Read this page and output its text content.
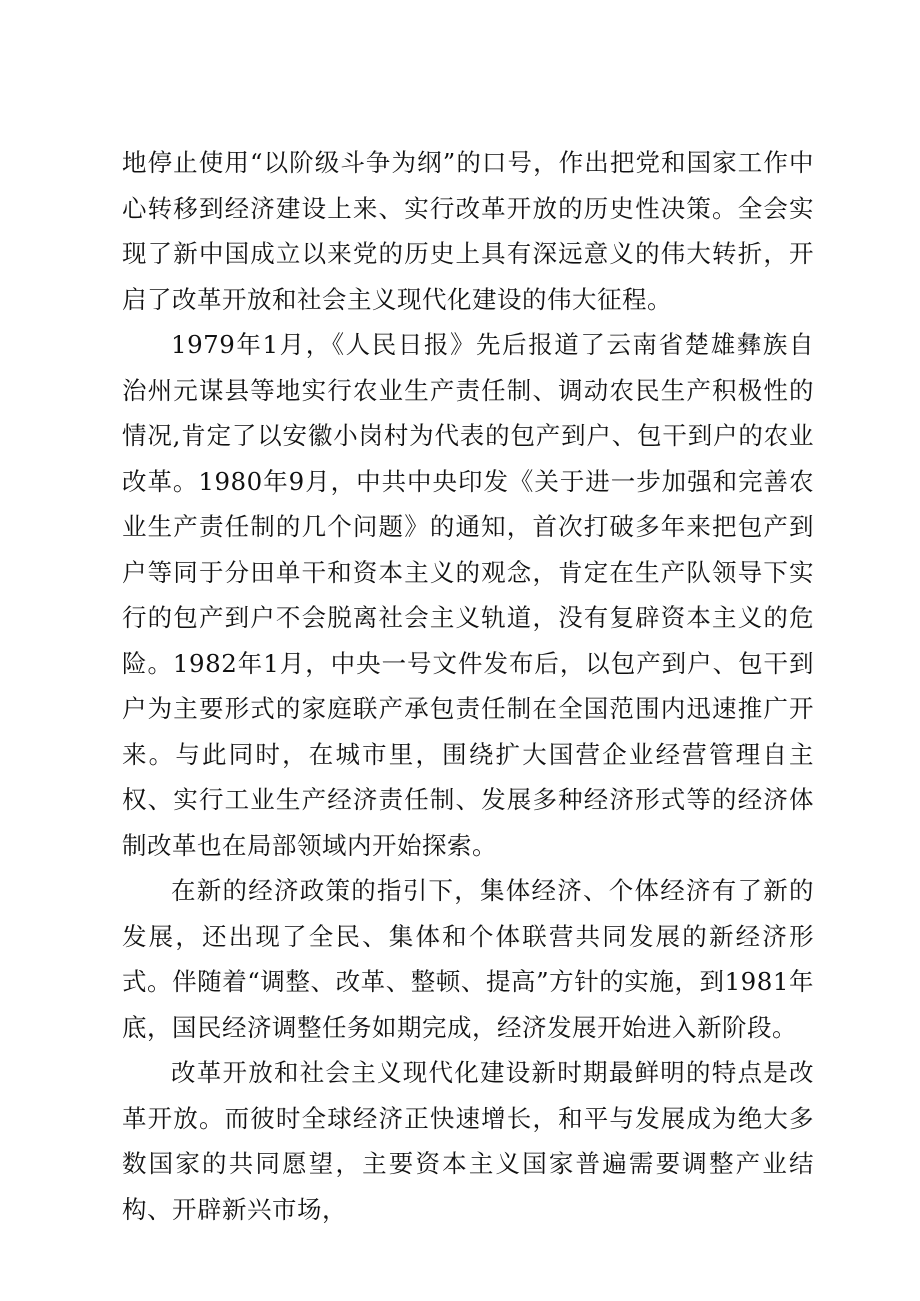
地停止使用“以阶级斗争为纲”的口号，作出把党和国家工作中心转移到经济建设上来、实行改革开放的历史性决策。全会实现了新中国成立以来党的历史上具有深远意义的伟大转折，开启了改革开放和社会主义现代化建设的伟大征程。

1979年1月，《人民日报》先后报道了云南省楚雄彝族自治州元谋县等地实行农业生产责任制、调动农民生产积极性的情况,肯定了以安徽小岗村为代表的包产到户、包干到户的农业改革。1980年9月，中共中央印发《关于进一步加强和完善农业生产责任制的几个问题》的通知，首次打破多年来把包产到户等同于分田单干和资本主义的观念，肯定在生产队领导下实行的包产到户不会脱离社会主义轨道，没有复辟资本主义的危险。1982年1月，中央一号文件发布后，以包产到户、包干到户为主要形式的家庭联产承包责任制在全国范围内迅速推广开来。与此同时，在城市里，围绕扩大国营企业经营管理自主权、实行工业生产经济责任制、发展多种经济形式等的经济体制改革也在局部领域内开始探索。

在新的经济政策的指引下，集体经济、个体经济有了新的发展，还出现了全民、集体和个体联营共同发展的新经济形式。伴随着“调整、改革、整顿、提高”方针的实施，到1981年底，国民经济调整任务如期完成，经济发展开始进入新阶段。

改革开放和社会主义现代化建设新时期最鲜明的特点是改革开放。而彼时全球经济正快速增长，和平与发展成为绝大多数国家的共同愿望，主要资本主义国家普遍需要调整产业结构、开辟新兴市场，
